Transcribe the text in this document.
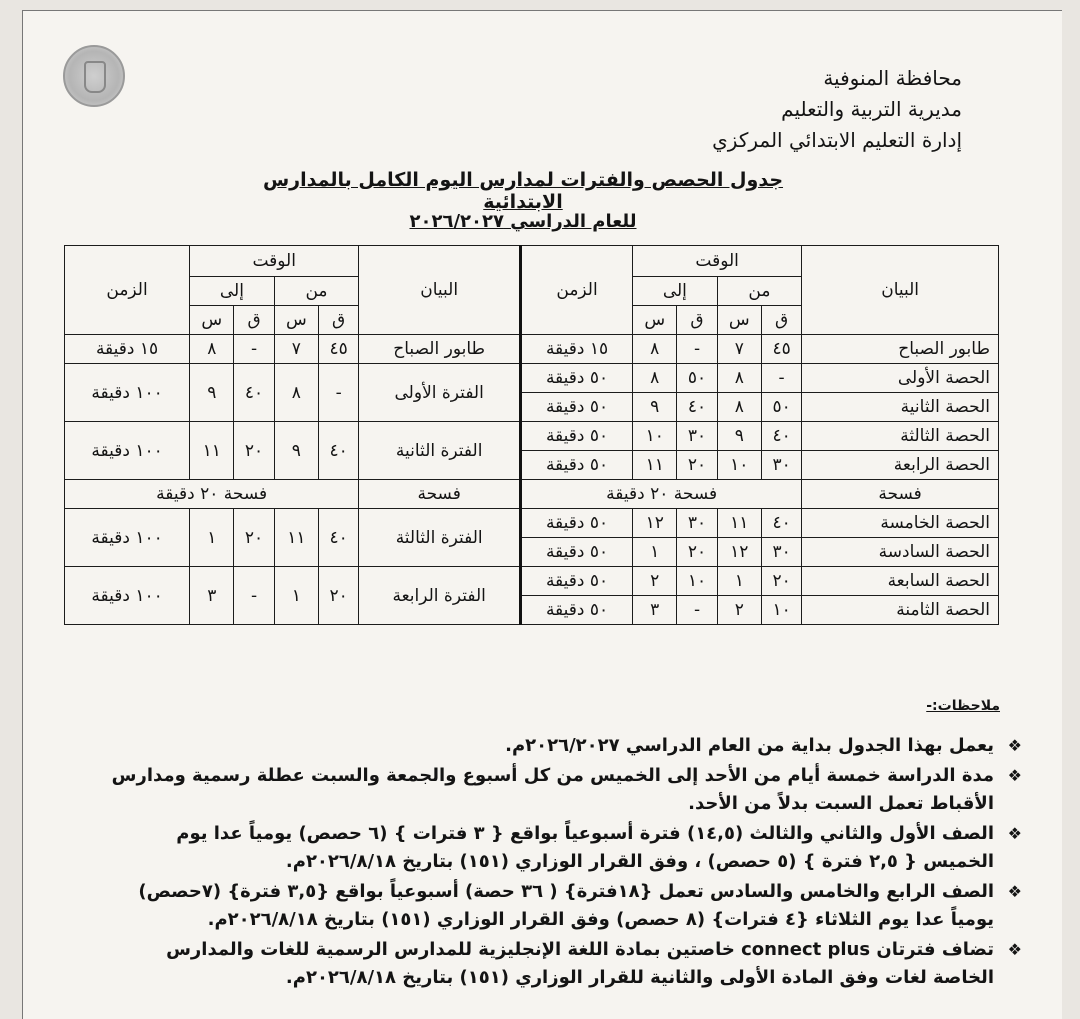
محافظة المنوفية
مديرية التربية والتعليم
إدارة التعليم الابتدائي المركزي
جدول الحصص والفترات لمدارس اليوم الكامل بالمدارس الابتدائية
للعام الدراسي ٢٠٢٦/٢٠٢٧
البيان	الوقت				الزمن	البيان	الوقت				الزمن
	من		إلى				من		إلى		
	ق	س	ق	س			ق	س	ق	س	
طابور الصباح	٤٥	٧	-	٨	١٥ دقيقة	طابور الصباح	٤٥	٧	-	٨	١٥ دقيقة
الحصة الأولى	-	٨	٥٠	٨	٥٠ دقيقة	الفترة الأولى	-	٨	٤٠	٩	١٠٠ دقيقة
الحصة الثانية	٥٠	٨	٤٠	٩	٥٠ دقيقة						
الحصة الثالثة	٤٠	٩	٣٠	١٠	٥٠ دقيقة	الفترة الثانية	٤٠	٩	٢٠	١١	١٠٠ دقيقة
الحصة الرابعة	٣٠	١٠	٢٠	١١	٥٠ دقيقة						
فسحة	فسحة ٢٠ دقيقة					فسحة	فسحة ٢٠ دقيقة				
الحصة الخامسة	٤٠	١١	٣٠	١٢	٥٠ دقيقة	الفترة الثالثة	٤٠	١١	٢٠	١	١٠٠ دقيقة
الحصة السادسة	٣٠	١٢	٢٠	١	٥٠ دقيقة						
الحصة السابعة	٢٠	١	١٠	٢	٥٠ دقيقة	الفترة الرابعة	٢٠	١	-	٣	١٠٠ دقيقة
الحصة الثامنة	١٠	٢	-	٣	٥٠ دقيقة						
ملاحظات:-
❖
يعمل بهذا الجدول بداية من العام الدراسي ٢٠٢٦/٢٠٢٧م.
❖
مدة الدراسة خمسة أيام من الأحد إلى الخميس من كل أسبوع والجمعة والسبت عطلة رسمية ومدارس الأقباط تعمل السبت بدلاً من الأحد.
❖
الصف الأول والثاني والثالث (١٤,٥) فترة أسبوعياً بواقع { ٣ فترات } (٦ حصص) يومياً عدا يوم الخميس { ٢,٥ فترة } (٥ حصص) ، وفق القرار الوزاري (١٥١) بتاريخ ٢٠٢٦/٨/١٨م.
❖
الصف الرابع والخامس والسادس تعمل {١٨فترة} ( ٣٦ حصة) أسبوعياً بواقع {٣,٥ فترة} (٧حصص) يومياً عدا يوم الثلاثاء {٤ فترات} (٨ حصص) وفق القرار الوزاري (١٥١) بتاريخ ٢٠٢٦/٨/١٨م.
❖
تضاف فترتان connect plus خاصتين بمادة اللغة الإنجليزية للمدارس الرسمية للغات والمدارس الخاصة لغات وفق المادة الأولى والثانية للقرار الوزاري (١٥١) بتاريخ ٢٠٢٦/٨/١٨م.
